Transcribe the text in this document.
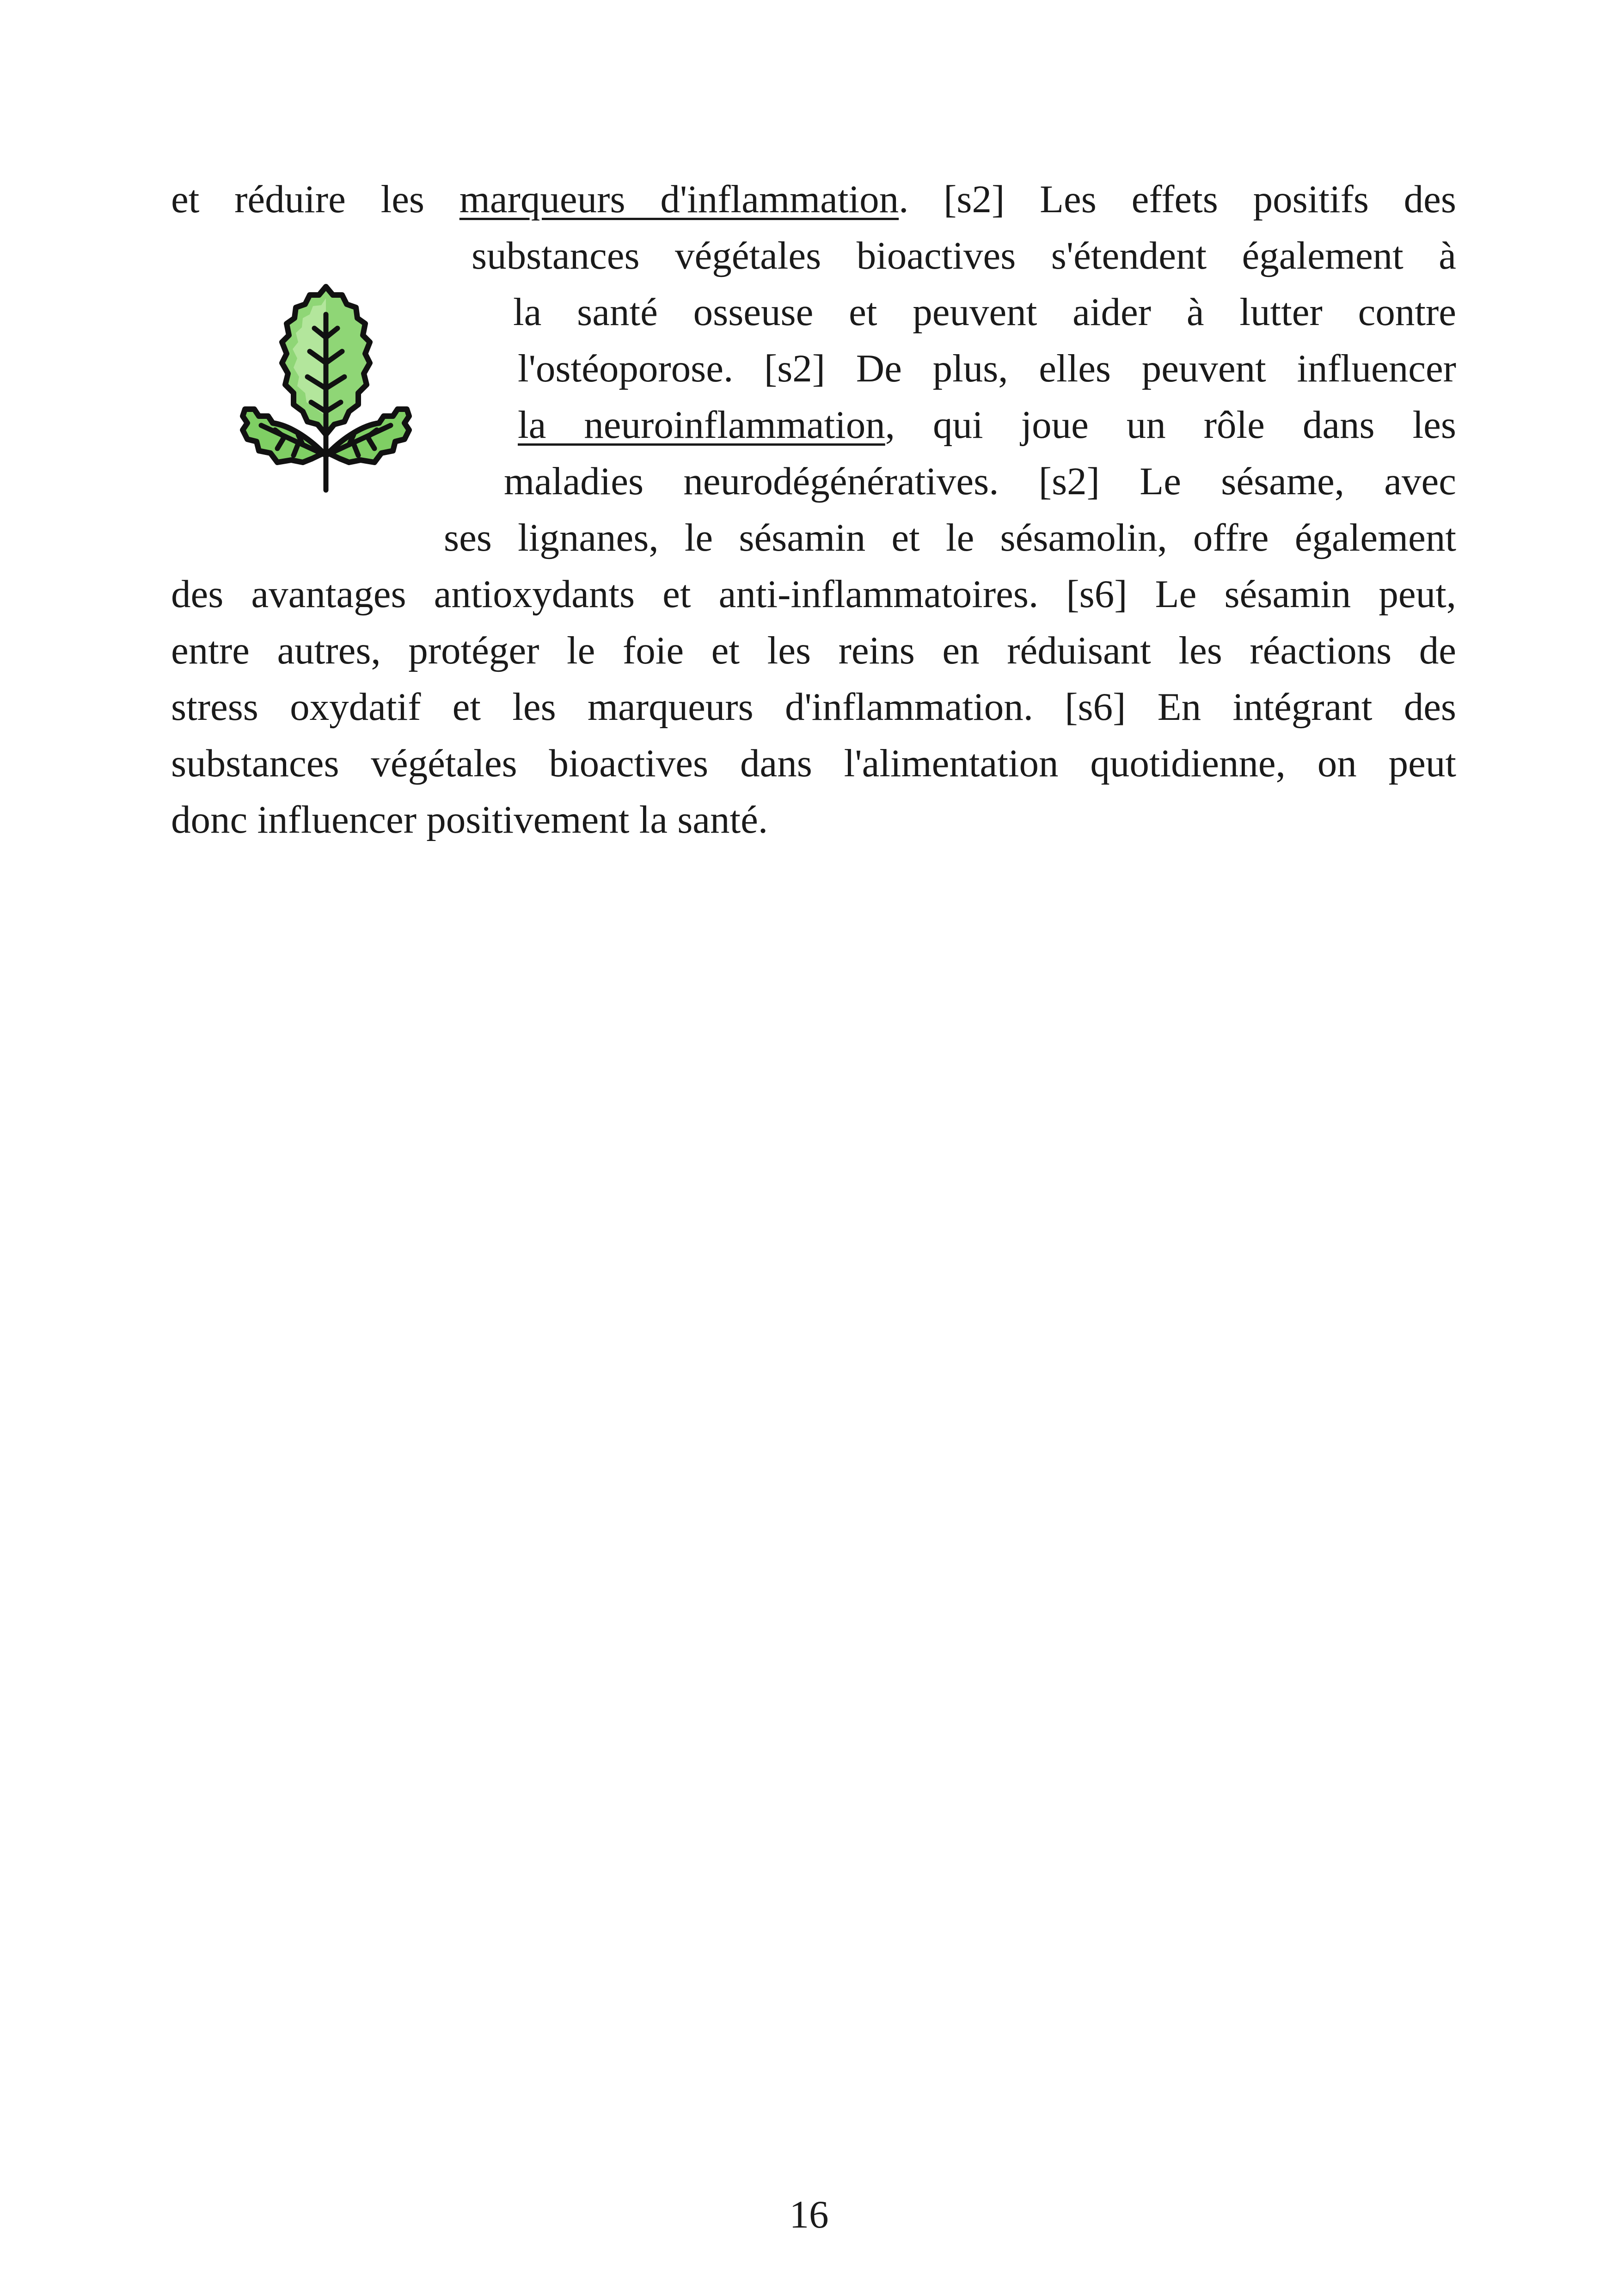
et réduire les marqueurs d'inflammation. [s2] Les effets positifs des
substances végétales bioactives s'étendent également à
la santé osseuse et peuvent aider à lutter contre
l'ostéoporose. [s2] De plus, elles peuvent influencer
la neuroinflammation, qui joue un rôle dans les
maladies neurodégénératives. [s2] Le sésame, avec
ses lignanes, le sésamin et le sésamolin, offre également
des avantages antioxydants et anti-inflammatoires. [s6] Le sésamin peut,
entre autres, protéger le foie et les reins en réduisant les réactions de
stress oxydatif et les marqueurs d'inflammation. [s6] En intégrant des
substances végétales bioactives dans l'alimentation quotidienne, on peut
donc influencer positivement la santé.
16
